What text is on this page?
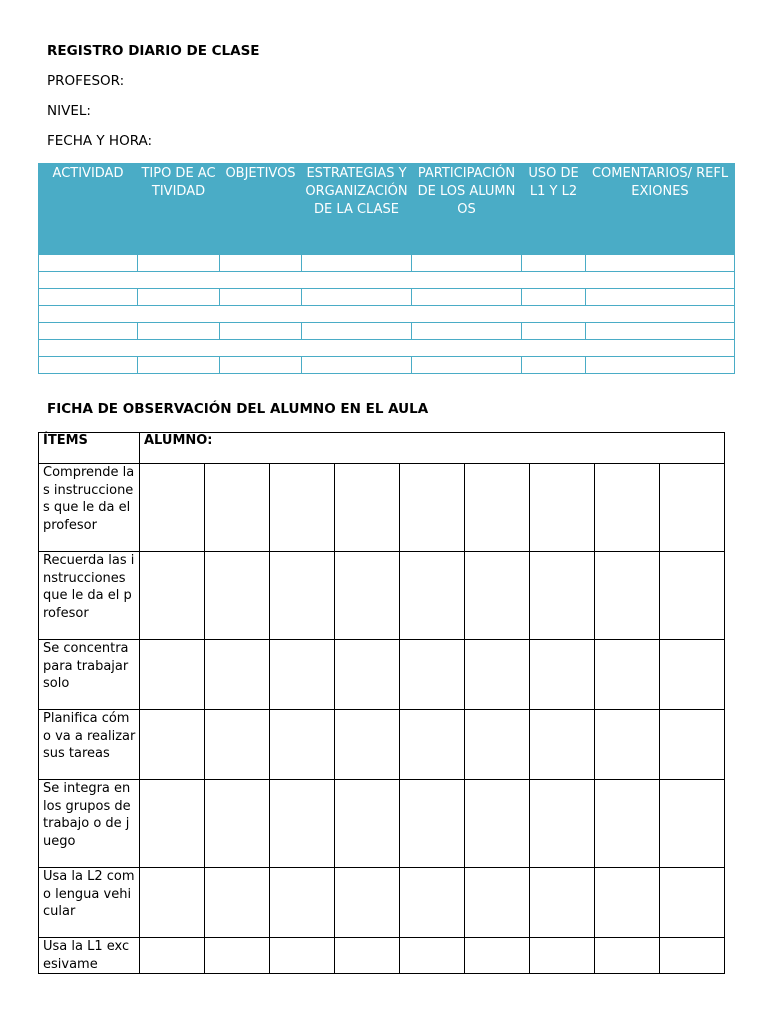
REGISTRO DIARIO DE CLASE
PROFESOR:
NIVEL:
FECHA Y HORA:
ACTIVIDAD	TIPO DE ACTIVIDAD	OBJETIVOS	ESTRATEGIAS Y ORGANIZACIÓN DE LA CLASE	PARTICIPACIÓN DE LOS ALUMNOS	USO DE L1 Y L2	COMENTARIOS/ REFLEXIONES

FICHA DE OBSERVACIÓN DEL ALUMNO EN EL AULA
ÍTEMS	ALUMNO:								
Comprende las instrucciones que le da el profesor									
Recuerda las instrucciones que le da el profesor									
Se concentra para trabajar solo									
Planifica cómo va a realizar sus tareas									
Se integra en los grupos de trabajo o de juego									
Usa la L2 como lengua vehicular									
Usa la L1 excesivame									
